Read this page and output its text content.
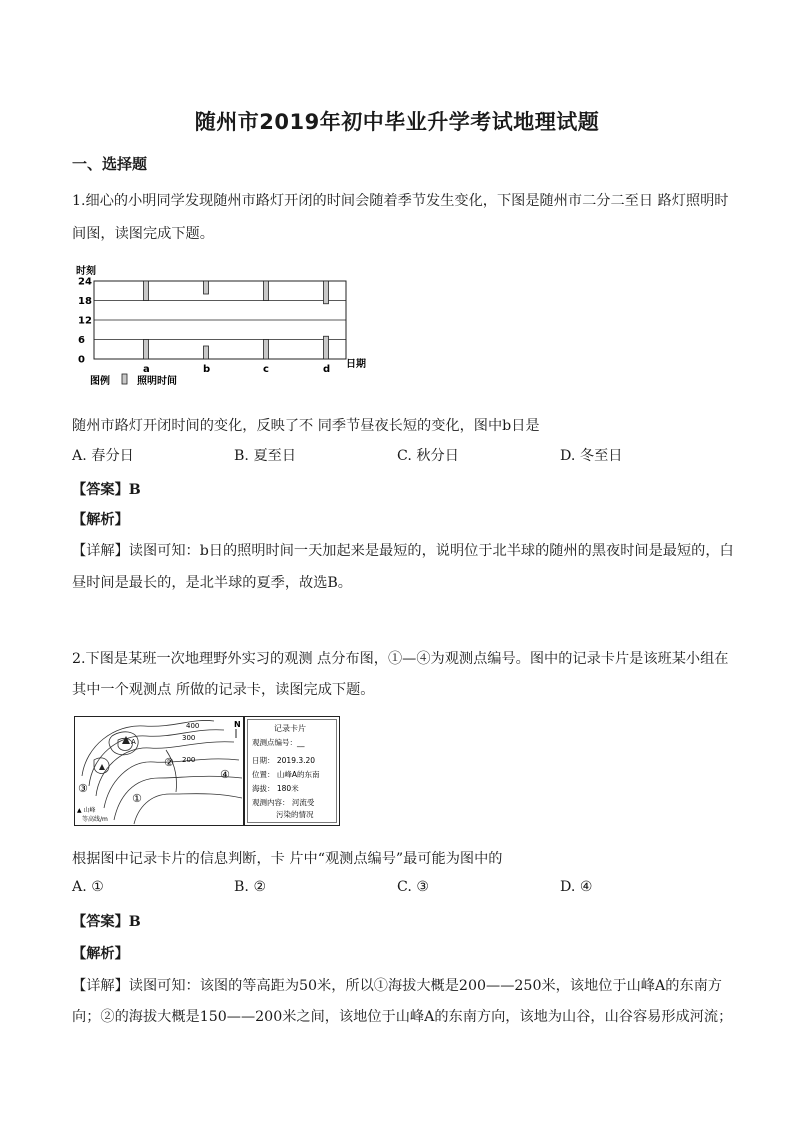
随州市2019年初中毕业升学考试地理试题
一、选择题
1.细心的小明同学发现随州市路灯开闭的时间会随着季节发生变化，下图是随州市二分二至日 路灯照明时
间图，读图完成下题。
时刻
0
6
12
18
24
a	b	c	d 日期
图例	照明时间
随州市路灯开闭时间的变化，反映了不 同季节昼夜长短的变化，图中b日是
A. 春分日	B. 夏至日	C. 秋分日	D. 冬至日
【答案】B
【解析】
【详解】读图可知：b日的照明时间一天加起来是最短的，说明位于北半球的随州的黑夜时间是最短的，白
昼时间是最长的，是北半球的夏季，故选B。
2.下图是某班一次地理野外实习的观测 点分布图，①—④为观测点编号。图中的记录卡片是该班某小组在
其中一个观测点 所做的记录卡，读图完成下题。
400
300
200
N
A
①
②
③
④
▲ 山峰
等高线/m
记录卡片
观测点编号：__
日期： 2019.3.20
位置： 山峰A的东南
海拔： 180米
观测内容： 河流受
污染的情况
根据图中记录卡片的信息判断，卡 片中“观测点编号”最可能为图中的
A. ①	B. ②	C. ③	D. ④
【答案】B
【解析】
【详解】读图可知：该图的等高距为50米，所以①海拔大概是200——250米，该地位于山峰A的东南方
向；②的海拔大概是150——200米之间，该地位于山峰A的东南方向，该地为山谷，山谷容易形成河流；
